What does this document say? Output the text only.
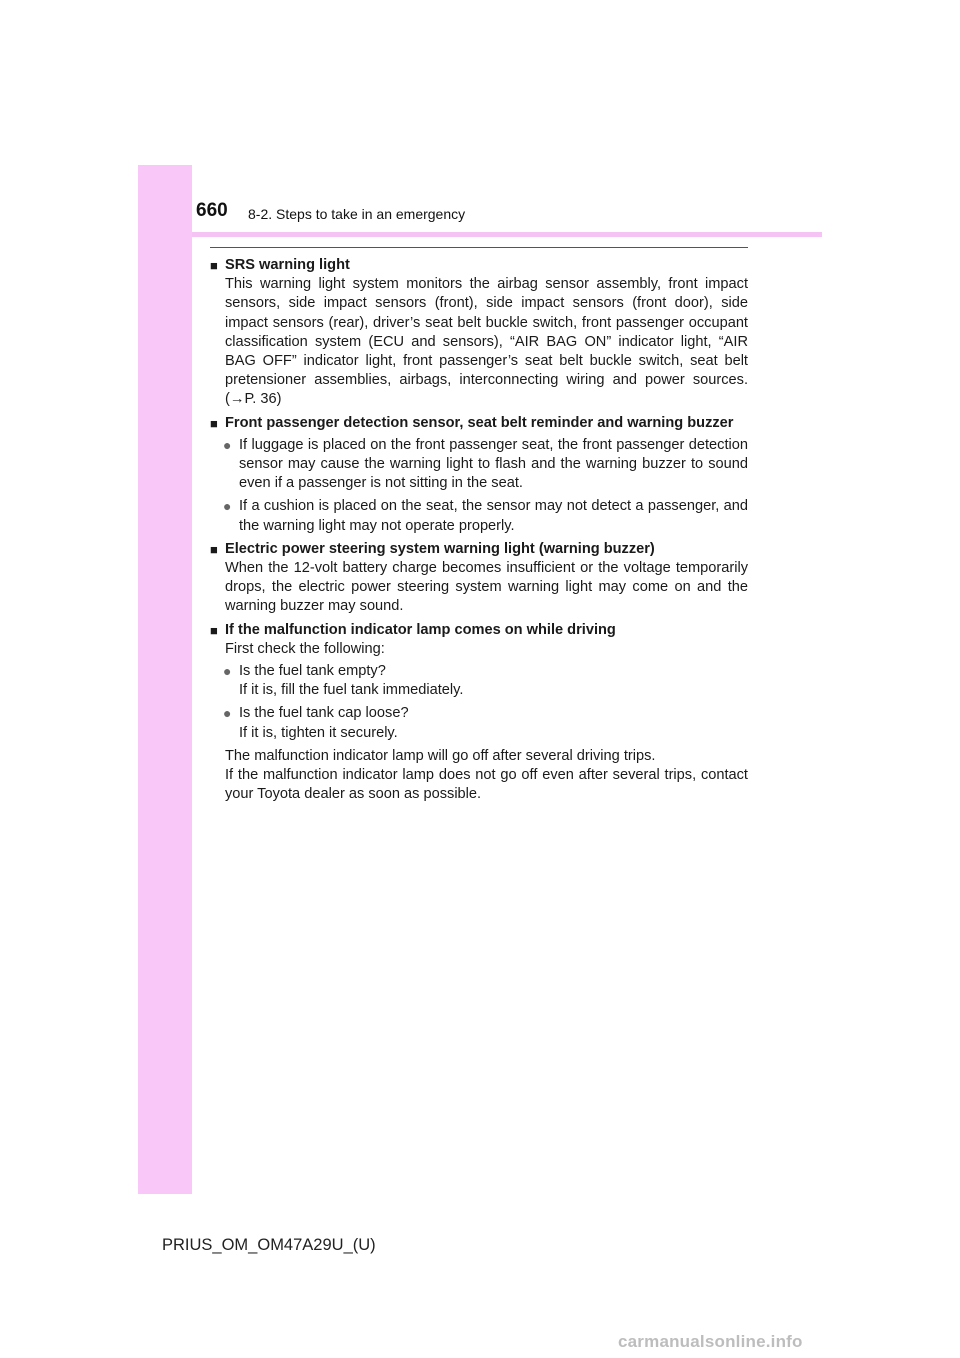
660 8-2. Steps to take in an emergency
■ SRS warning light
This warning light system monitors the airbag sensor assembly, front impact sensors, side impact sensors (front), side impact sensors (front door), side impact sensors (rear), driver’s seat belt buckle switch, front passenger occupant classification system (ECU and sensors), “AIR BAG ON” indicator light, “AIR BAG OFF” indicator light, front passenger’s seat belt buckle switch, seat belt pretensioner assemblies, airbags, interconnecting wiring and power sources. (→P. 36)
■ Front passenger detection sensor, seat belt reminder and warning buzzer
● If luggage is placed on the front passenger seat, the front passenger detection sensor may cause the warning light to flash and the warning buzzer to sound even if a passenger is not sitting in the seat.
● If a cushion is placed on the seat, the sensor may not detect a passenger, and the warning light may not operate properly.
■ Electric power steering system warning light (warning buzzer)
When the 12-volt battery charge becomes insufficient or the voltage temporarily drops, the electric power steering system warning light may come on and the warning buzzer may sound.
■ If the malfunction indicator lamp comes on while driving
First check the following:
● Is the fuel tank empty?
If it is, fill the fuel tank immediately.
● Is the fuel tank cap loose?
If it is, tighten it securely.
The malfunction indicator lamp will go off after several driving trips.
If the malfunction indicator lamp does not go off even after several trips, contact your Toyota dealer as soon as possible.
PRIUS_OM_OM47A29U_(U)
carmanualsonline.info
